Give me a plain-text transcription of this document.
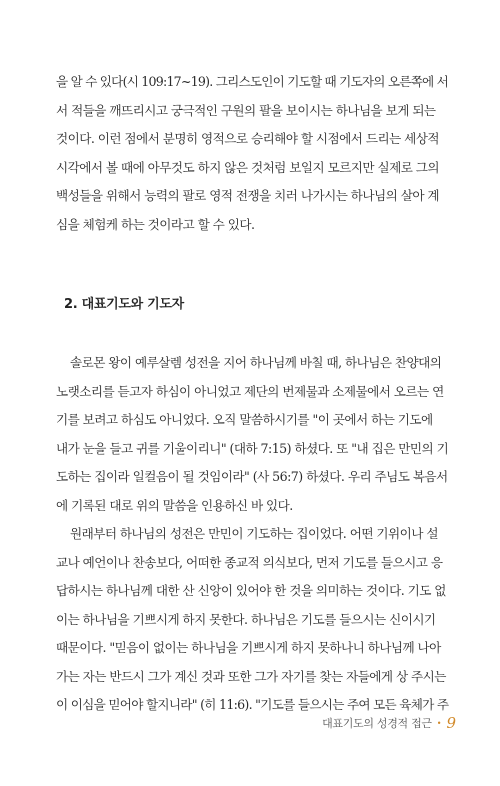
을 알 수 있다(시 109:17~19). 그리스도인이 기도할 때 기도자의 오른쪽에 서
서 적들을 깨뜨리시고 궁극적인 구원의 팔을 보이시는 하나님을 보게 되는
것이다. 이런 점에서 분명히 영적으로 승리해야 할 시점에서 드리는 세상적
시각에서 볼 때에 아무것도 하지 않은 것처럼 보일지 모르지만 실제로 그의
백성들을 위해서 능력의 팔로 영적 전쟁을 치러 나가시는 하나님의 살아 계
심을 체험케 하는 것이라고 할 수 있다.
2. 대표기도와 기도자
솔로몬 왕이 예루살렘 성전을 지어 하나님께 바칠 때, 하나님은 찬양대의
노랫소리를 듣고자 하심이 아니었고 제단의 번제물과 소제물에서 오르는 연
기를 보려고 하심도 아니었다. 오직 말씀하시기를 "이 곳에서 하는 기도에
내가 눈을 들고 귀를 기울이리니" (대하 7:15) 하셨다. 또 "내 집은 만민의 기
도하는 집이라 일컬음이 될 것임이라" (사 56:7) 하셨다. 우리 주님도 복음서
에 기록된 대로 위의 말씀을 인용하신 바 있다.
원래부터 하나님의 성전은 만민이 기도하는 집이었다. 어떤 기위이나 설
교나 예언이나 찬송보다, 어떠한 종교적 의식보다, 먼저 기도를 들으시고 응
답하시는 하나님께 대한 산 신앙이 있어야 한 것을 의미하는 것이다. 기도 없
이는 하나님을 기쁘시게 하지 못한다. 하나님은 기도를 들으시는 신이시기
때문이다. "믿음이 없이는 하나님을 기쁘시게 하지 못하나니 하나님께 나아
가는 자는 반드시 그가 계신 것과 또한 그가 자기를 찾는 자들에게 상 주시는
이 이심을 믿어야 할지니라" (히 11:6). "기도를 들으시는 주여 모든 육체가 주
대표기도의 성경적 접근 • 9
